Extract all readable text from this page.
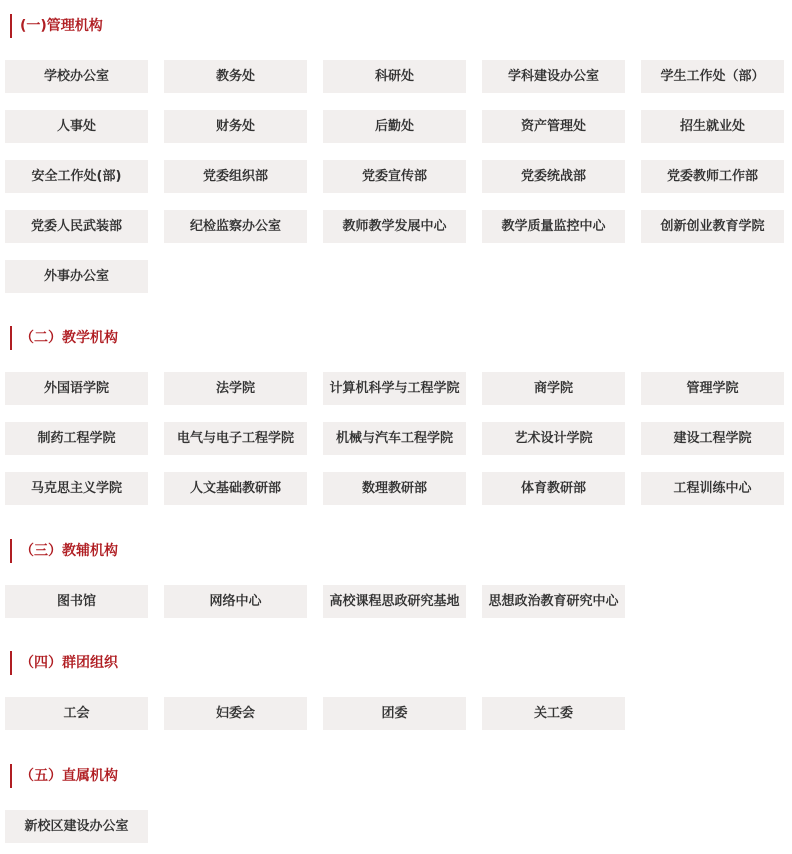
(一)管理机构
学校办公室	教务处	科研处	学科建设办公室	学生工作处（部）
人事处	财务处	后勤处	资产管理处	招生就业处
安全工作处(部)	党委组织部	党委宣传部	党委统战部	党委教师工作部
党委人民武装部	纪检监察办公室	教师教学发展中心	教学质量监控中心	创新创业教育学院
外事办公室
（二）教学机构
外国语学院	法学院	计算机科学与工程学院	商学院	管理学院
制药工程学院	电气与电子工程学院	机械与汽车工程学院	艺术设计学院	建设工程学院
马克思主义学院	人文基础教研部	数理教研部	体育教研部	工程训练中心
（三）教辅机构
图书馆	网络中心	高校课程思政研究基地	思想政治教育研究中心
（四）群团组织
工会	妇委会	团委	关工委
（五）直属机构
新校区建设办公室
